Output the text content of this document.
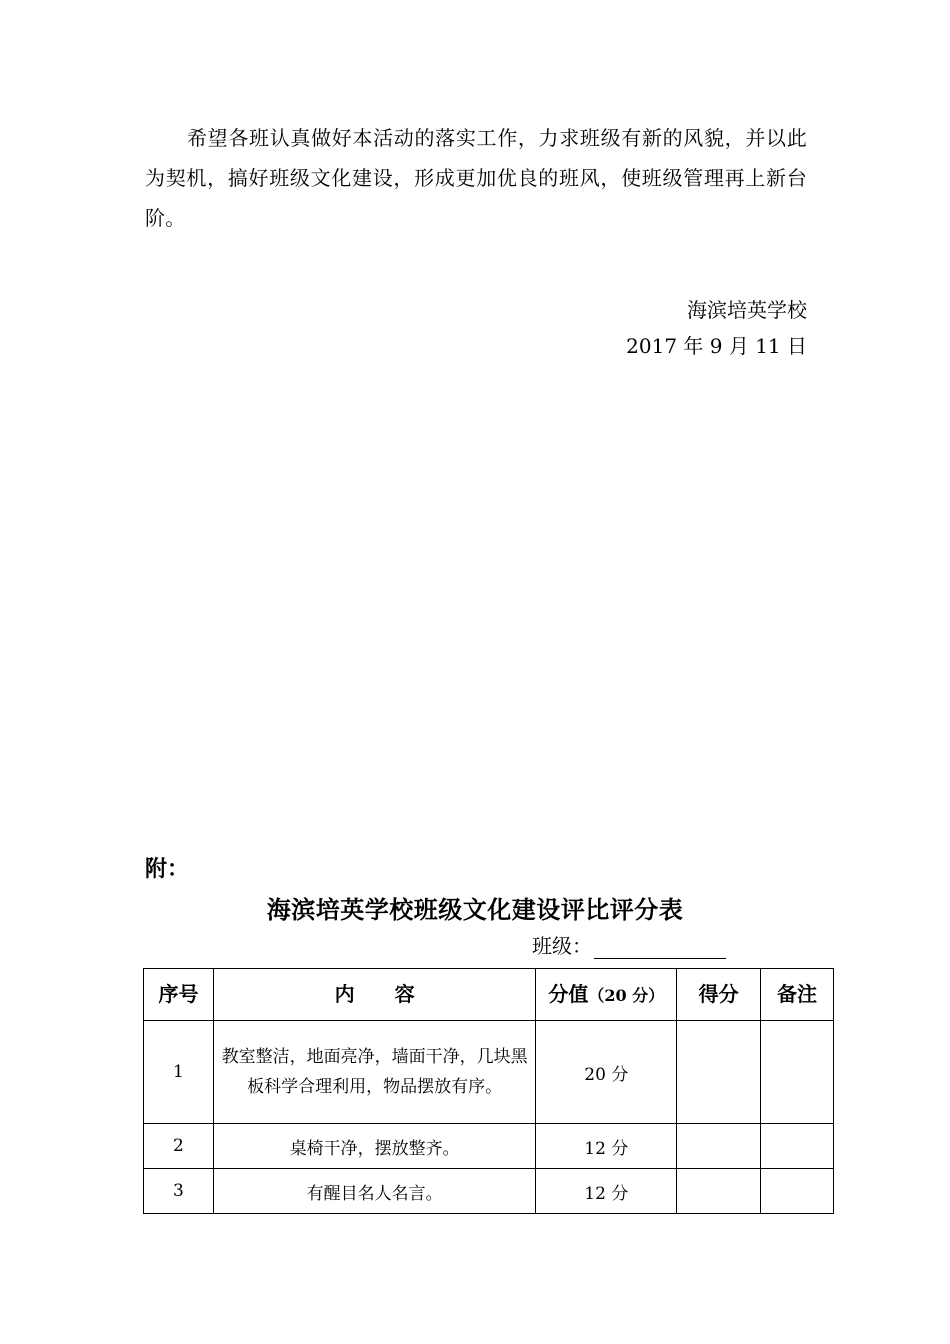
希望各班认真做好本活动的落实工作，力求班级有新的风貌，并以此为契机，搞好班级文化建设，形成更加优良的班风，使班级管理再上新台阶。
海滨培英学校
2017 年 9 月 11 日
附：
海滨培英学校班级文化建设评比评分表
班级：
序号	内　　容	分值（20 分）	得分	备注
1	教室整洁，地面亮净，墙面干净，几块黑板科学合理利用，物品摆放有序。	20 分		
2	桌椅干净，摆放整齐。	12 分		
3	有醒目名人名言。	12 分		
